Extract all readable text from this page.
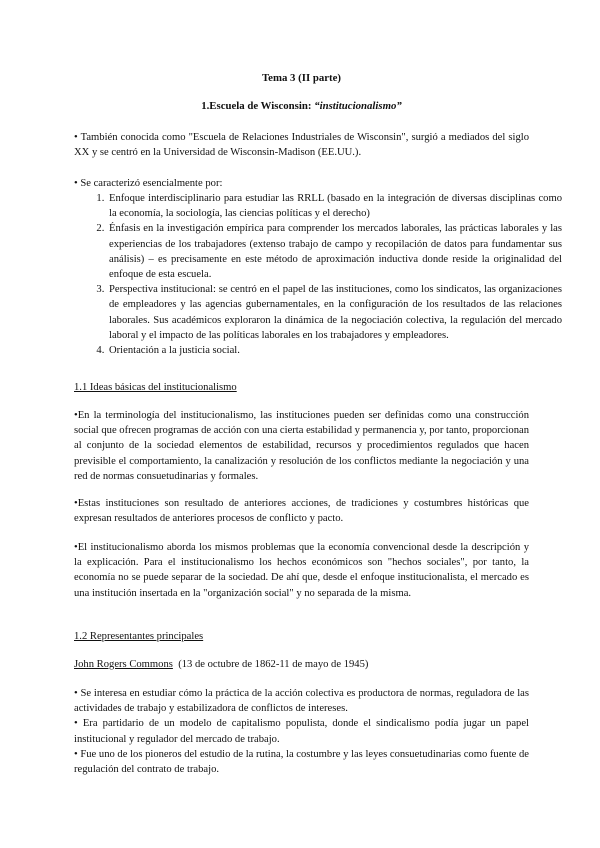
Tema 3 (II parte)
1.Escuela de Wisconsin: “institucionalismo”

• También conocida como "Escuela de Relaciones Industriales de Wisconsin", surgió a mediados del siglo XX y se centró en la Universidad de Wisconsin-Madison (EE.UU.).

• Se caracterizó esencialmente por:

1. Enfoque interdisciplinario para estudiar las RRLL (basado en la integración de diversas disciplinas como la economía, la sociología, las ciencias políticas y el derecho)
2. Énfasis en la investigación empírica para comprender los mercados laborales, las prácticas laborales y las experiencias de los trabajadores (extenso trabajo de campo y recopilación de datos para fundamentar sus análisis) – es precisamente en este método de aproximación inductiva donde reside la originalidad del enfoque de esta escuela.
3. Perspectiva institucional: se centró en el papel de las instituciones, como los sindicatos, las organizaciones de empleadores y las agencias gubernamentales, en la configuración de los resultados de las relaciones laborales. Sus académicos exploraron la dinámica de la negociación colectiva, la regulación del mercado laboral y el impacto de las políticas laborales en los trabajadores y empleadores.
4. Orientación a la justicia social.
1.1 Ideas básicas del institucionalismo

•En la terminología del institucionalismo, las instituciones pueden ser definidas como una construcción social que ofrecen programas de acción con una cierta estabilidad y permanencia y, por tanto, proporcionan al conjunto de la sociedad elementos de estabilidad, recursos y procedimientos regulados que hacen previsible el comportamiento, la canalización y resolución de los conflictos mediante la negociación y una red de normas consuetudinarias y formales.

•Estas instituciones son resultado de anteriores acciones, de tradiciones y costumbres históricas que expresan resultados de anteriores procesos de conflicto y pacto.

•El institucionalismo aborda los mismos problemas que la economía convencional desde la descripción y la explicación. Para el institucionalismo los hechos económicos son "hechos sociales", por tanto, la economía no se puede separar de la sociedad. De ahí que, desde el enfoque institucionalista, el mercado es una institución insertada en la "organización social" y no separada de la misma.

1.2 Representantes principales
John Rogers Commons  (13 de octubre de 1862-11 de mayo de 1945)
• Se interesa en estudiar cómo la práctica de la acción colectiva es productora de normas, reguladora de las actividades de trabajo y estabilizadora de conflictos de intereses.
• Era partidario de un modelo de capitalismo populista, donde el sindicalismo podía jugar un papel institucional y regulador del mercado de trabajo.
• Fue uno de los pioneros del estudio de la rutina, la costumbre y las leyes consuetudinarias como fuente de regulación del contrato de trabajo.
